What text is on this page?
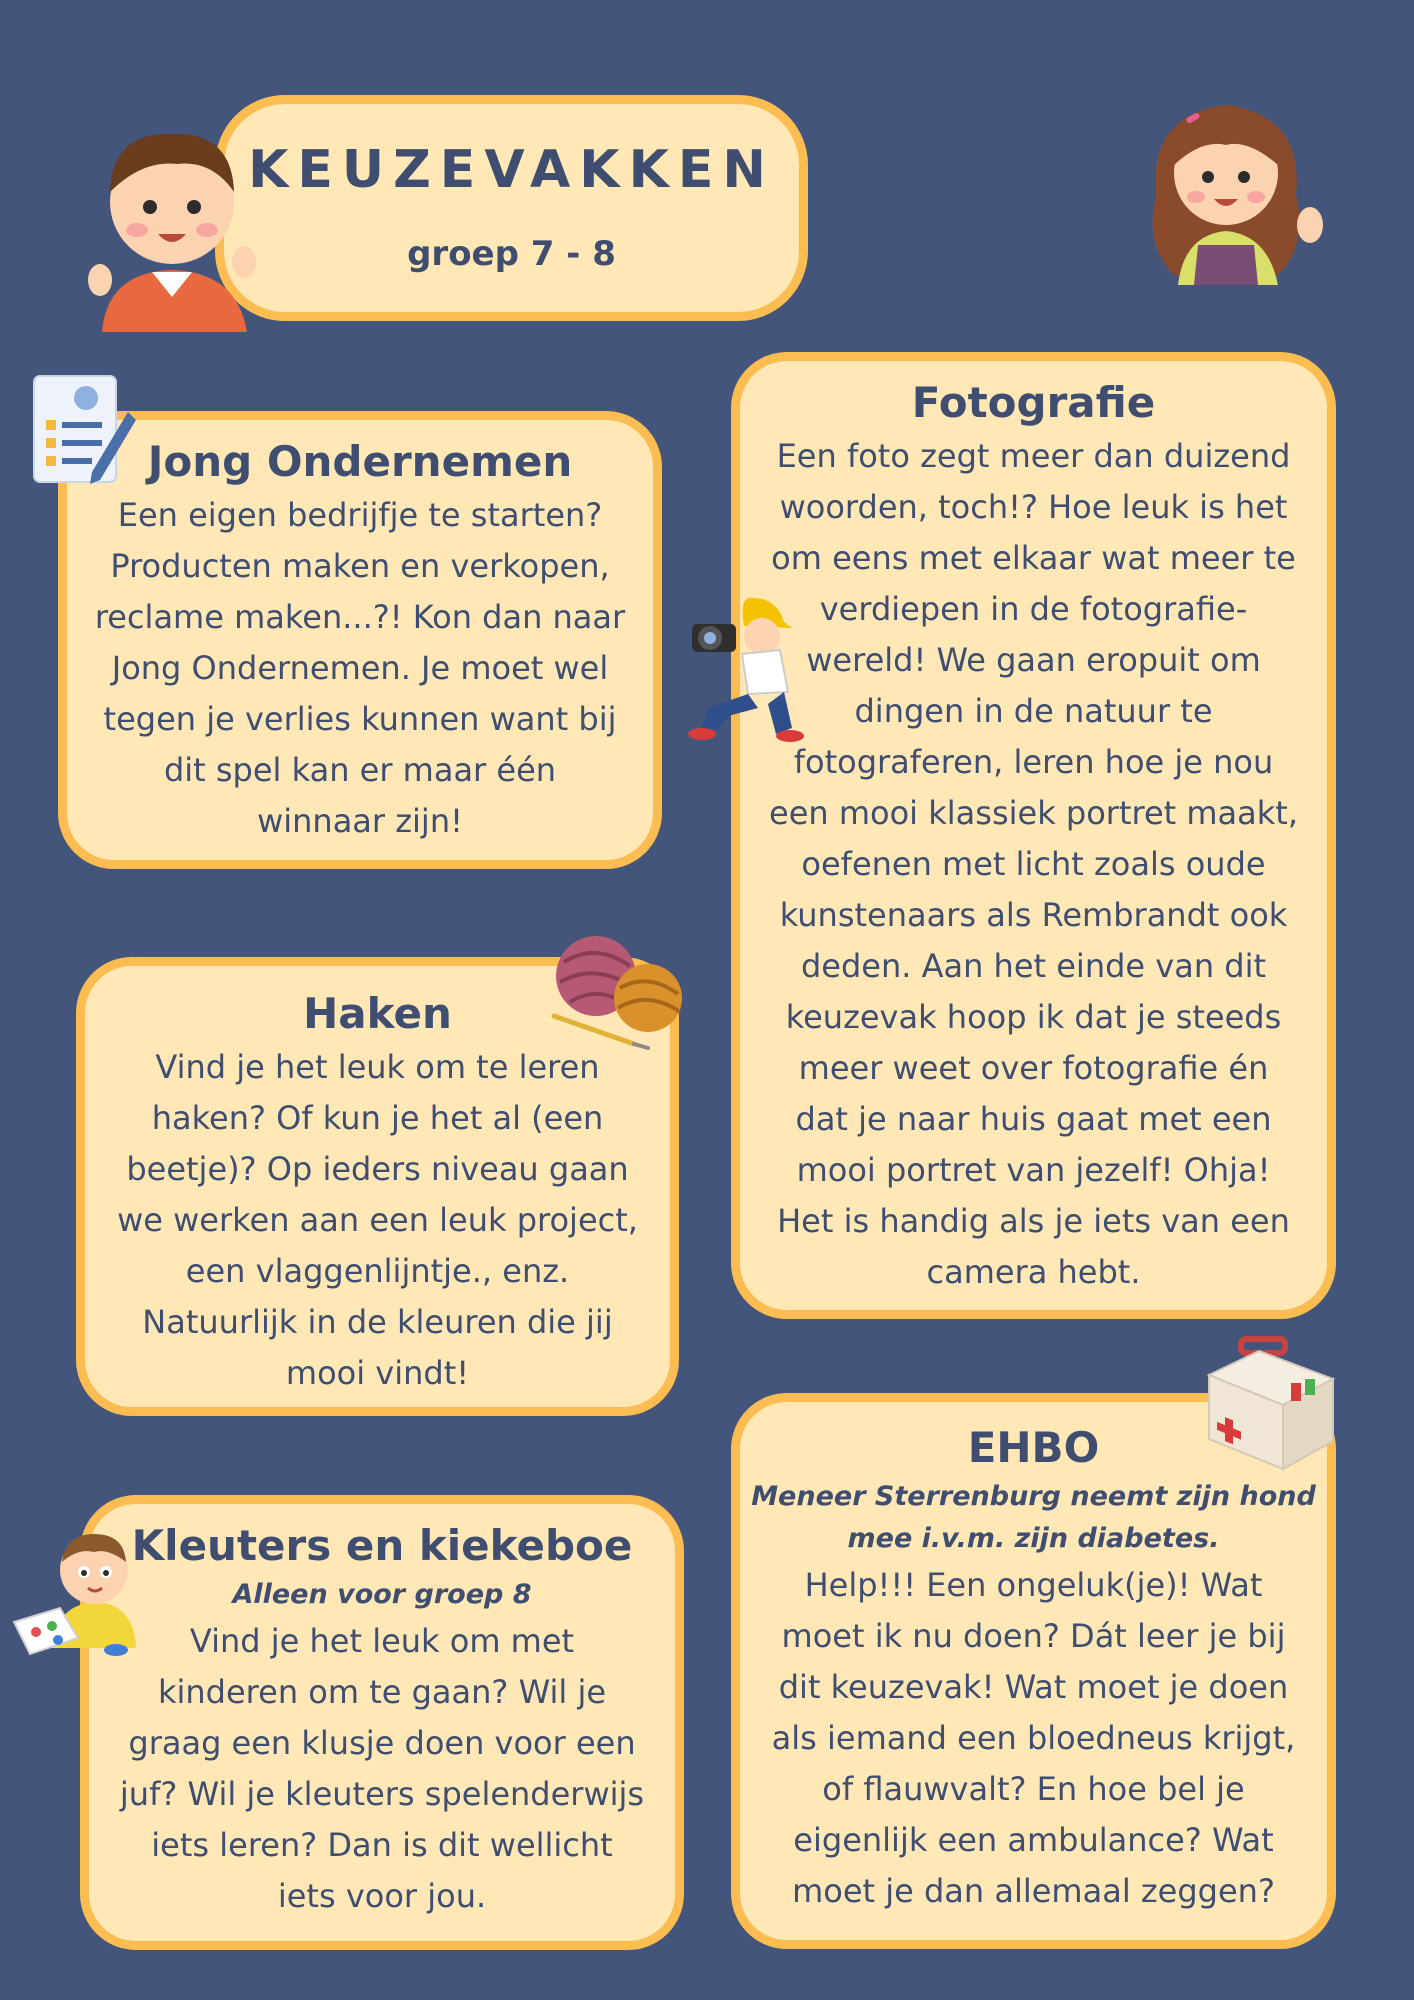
KEUZEVAKKEN
groep 7 - 8
Jong Ondernemen

Een eigen bedrijfje te starten?

Producten maken en verkopen,

reclame maken...?! Kon dan naar

Jong Ondernemen. Je moet wel

tegen je verlies kunnen want bij

dit spel kan er maar één

winnaar zijn!

Haken

Vind je het leuk om te leren

haken? Of kun je het al (een

beetje)? Op ieders niveau gaan

we werken aan een leuk project,

een vlaggenlijntje., enz.

Natuurlijk in de kleuren die jij

mooi vindt!

Kleuters en kiekeboe

Alleen voor groep 8

Vind je het leuk om met

kinderen om te gaan? Wil je

graag een klusje doen voor een

juf? Wil je kleuters spelenderwijs

iets leren? Dan is dit wellicht

iets voor jou.

Fotografie

Een foto zegt meer dan duizend

woorden, toch!? Hoe leuk is het

om eens met elkaar wat meer te

verdiepen in de fotografie-

wereld! We gaan eropuit om

dingen in de natuur te

fotograferen, leren hoe je nou

een mooi klassiek portret maakt,

oefenen met licht zoals oude

kunstenaars als Rembrandt ook

deden. Aan het einde van dit

keuzevak hoop ik dat je steeds

meer weet over fotografie én

dat je naar huis gaat met een

mooi portret van jezelf! Ohja!

Het is handig als je iets van een

camera hebt.

EHBO

Meneer Sterrenburg neemt zijn hond

mee i.v.m. zijn diabetes.

Help!!! Een ongeluk(je)! Wat

moet ik nu doen? Dát leer je bij

dit keuzevak! Wat moet je doen

als iemand een bloedneus krijgt,

of flauwvalt? En hoe bel je

eigenlijk een ambulance? Wat

moet je dan allemaal zeggen?
